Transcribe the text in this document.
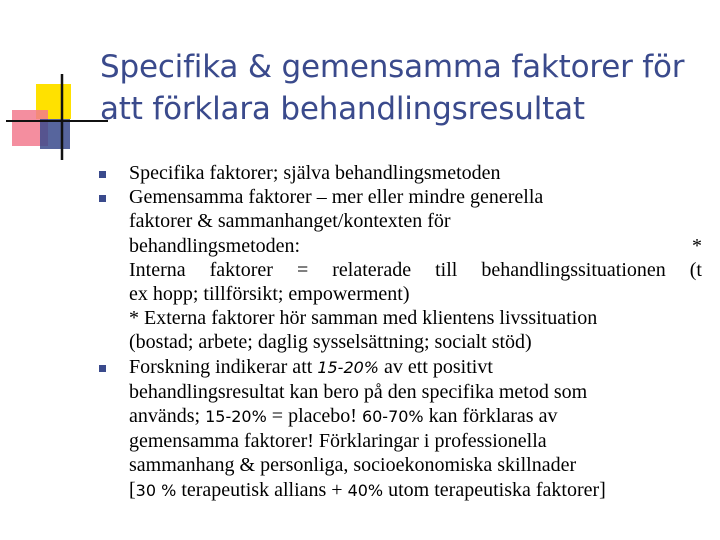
Specifika & gemensamma faktorer för
att förklara behandlingsresultat
Specifika faktorer; själva behandlingsmetoden
Gemensamma faktorer – mer eller mindre generella
faktorer & sammanhanget/kontexten för
behandlingsmetoden: *
Interna faktorer = relaterade till behandlingssituationen (t
ex hopp; tillförsikt; empowerment)
* Externa faktorer hör samman med klientens livssituation
(bostad; arbete; daglig sysselsättning; socialt stöd)
Forskning indikerar att 15-20% av ett positivt
behandlingsresultat kan bero på den specifika metod som
används; 15-20% = placebo! 60-70% kan förklaras av
gemensamma faktorer! Förklaringar i professionella
sammanhang & personliga, socioekonomiska skillnader
[30 % terapeutisk allians + 40% utom terapeutiska faktorer]
